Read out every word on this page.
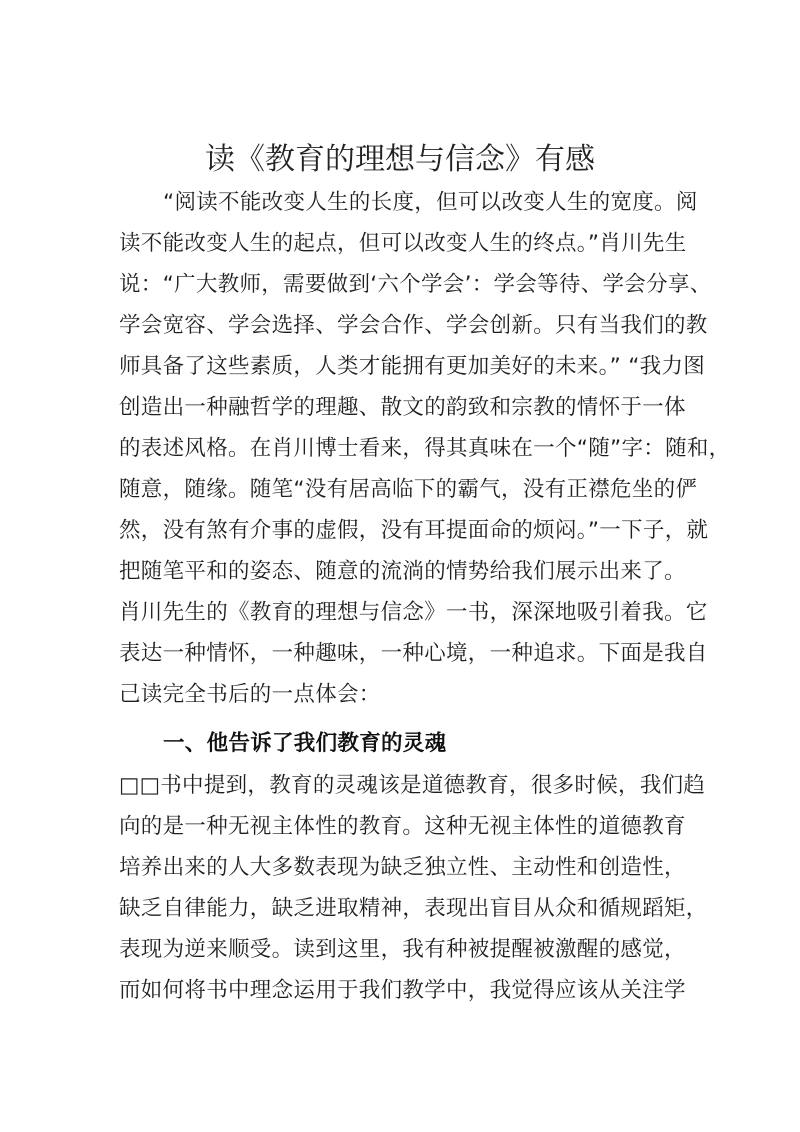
读《教育的理想与信念》有感
“阅读不能改变人生的长度，但可以改变人生的宽度。阅
读不能改变人生的起点，但可以改变人生的终点。”肖川先生
说：“广大教师，需要做到‘六个学会’：学会等待、学会分享、
学会宽容、学会选择、学会合作、学会创新。只有当我们的教
师具备了这些素质，人类才能拥有更加美好的未来。” “我力图
创造出一种融哲学的理趣、散文的韵致和宗教的情怀于一体
的表述风格。在肖川博士看来，得其真味在一个“随”字：随和，
随意，随缘。随笔“没有居高临下的霸气，没有正襟危坐的俨
然，没有煞有介事的虚假，没有耳提面命的烦闷。”一下子，就
把随笔平和的姿态、随意的流淌的情势给我们展示出来了。
肖川先生的《教育的理想与信念》一书，深深地吸引着我。它
表达一种情怀，一种趣味，一种心境，一种追求。下面是我自
己读完全书后的一点体会：
一、他告诉了我们教育的灵魂
□□书中提到，教育的灵魂该是道德教育，很多时候，我们趋
向的是一种无视主体性的教育。这种无视主体性的道德教育
培养出来的人大多数表现为缺乏独立性、主动性和创造性，
缺乏自律能力，缺乏进取精神，表现出盲目从众和循规蹈矩，
表现为逆来顺受。读到这里，我有种被提醒被激醒的感觉，
而如何将书中理念运用于我们教学中，我觉得应该从关注学
